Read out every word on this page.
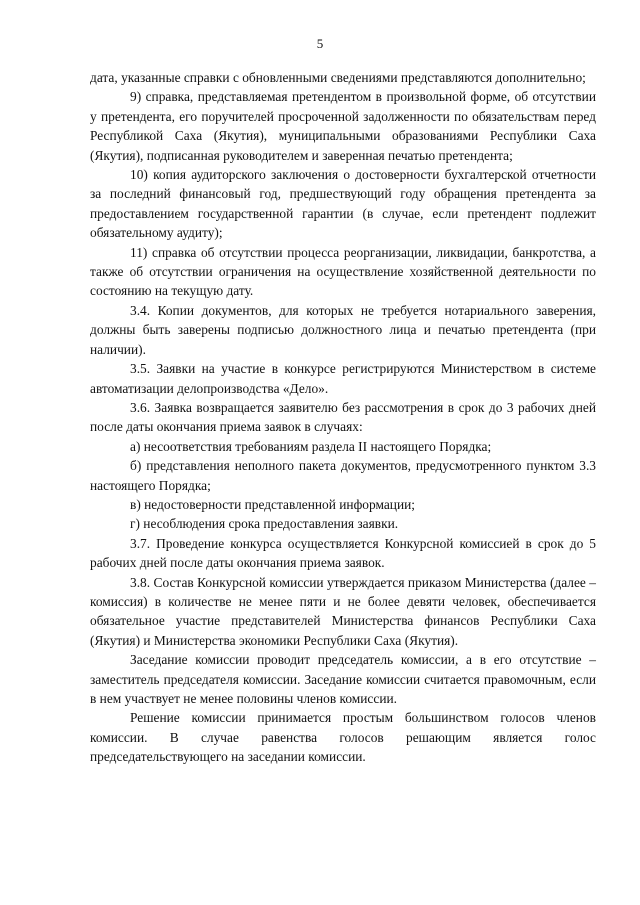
5

дата, указанные справки с обновленными сведениями представляются дополнительно;

9) справка, представляемая претендентом в произвольной форме, об отсутствии у претендента, его поручителей просроченной задолженности по обязательствам перед Республикой Саха (Якутия), муниципальными образованиями Республики Саха (Якутия), подписанная руководителем и заверенная печатью претендента;

10) копия аудиторского заключения о достоверности бухгалтерской отчетности за последний финансовый год, предшествующий году обращения претендента за предоставлением государственной гарантии (в случае, если претендент подлежит обязательному аудиту);

11) справка об отсутствии процесса реорганизации, ликвидации, банкротства, а также об отсутствии ограничения на осуществление хозяйственной деятельности по состоянию на текущую дату.

3.4. Копии документов, для которых не требуется нотариального заверения, должны быть заверены подписью должностного лица и печатью претендента (при наличии).

3.5. Заявки на участие в конкурсе регистрируются Министерством в системе автоматизации делопроизводства «Дело».

3.6. Заявка возвращается заявителю без рассмотрения в срок до 3 рабочих дней после даты окончания приема заявок в случаях:

а) несоответствия требованиям раздела II настоящего Порядка;

б) представления неполного пакета документов, предусмотренного пунктом 3.3 настоящего Порядка;

в) недостоверности представленной информации;

г) несоблюдения срока предоставления заявки.

3.7. Проведение конкурса осуществляется Конкурсной комиссией в срок до 5 рабочих дней после даты окончания приема заявок.

3.8. Состав Конкурсной комиссии утверждается приказом Министерства (далее – комиссия) в количестве не менее пяти и не более девяти человек, обеспечивается обязательное участие представителей Министерства финансов Республики Саха (Якутия) и Министерства экономики Республики Саха (Якутия).

Заседание комиссии проводит председатель комиссии, а в его отсутствие – заместитель председателя комиссии. Заседание комиссии считается правомочным, если в нем участвует не менее половины членов комиссии.

Решение комиссии принимается простым большинством голосов членов комиссии. В случае равенства голосов решающим является голос председательствующего на заседании комиссии.
